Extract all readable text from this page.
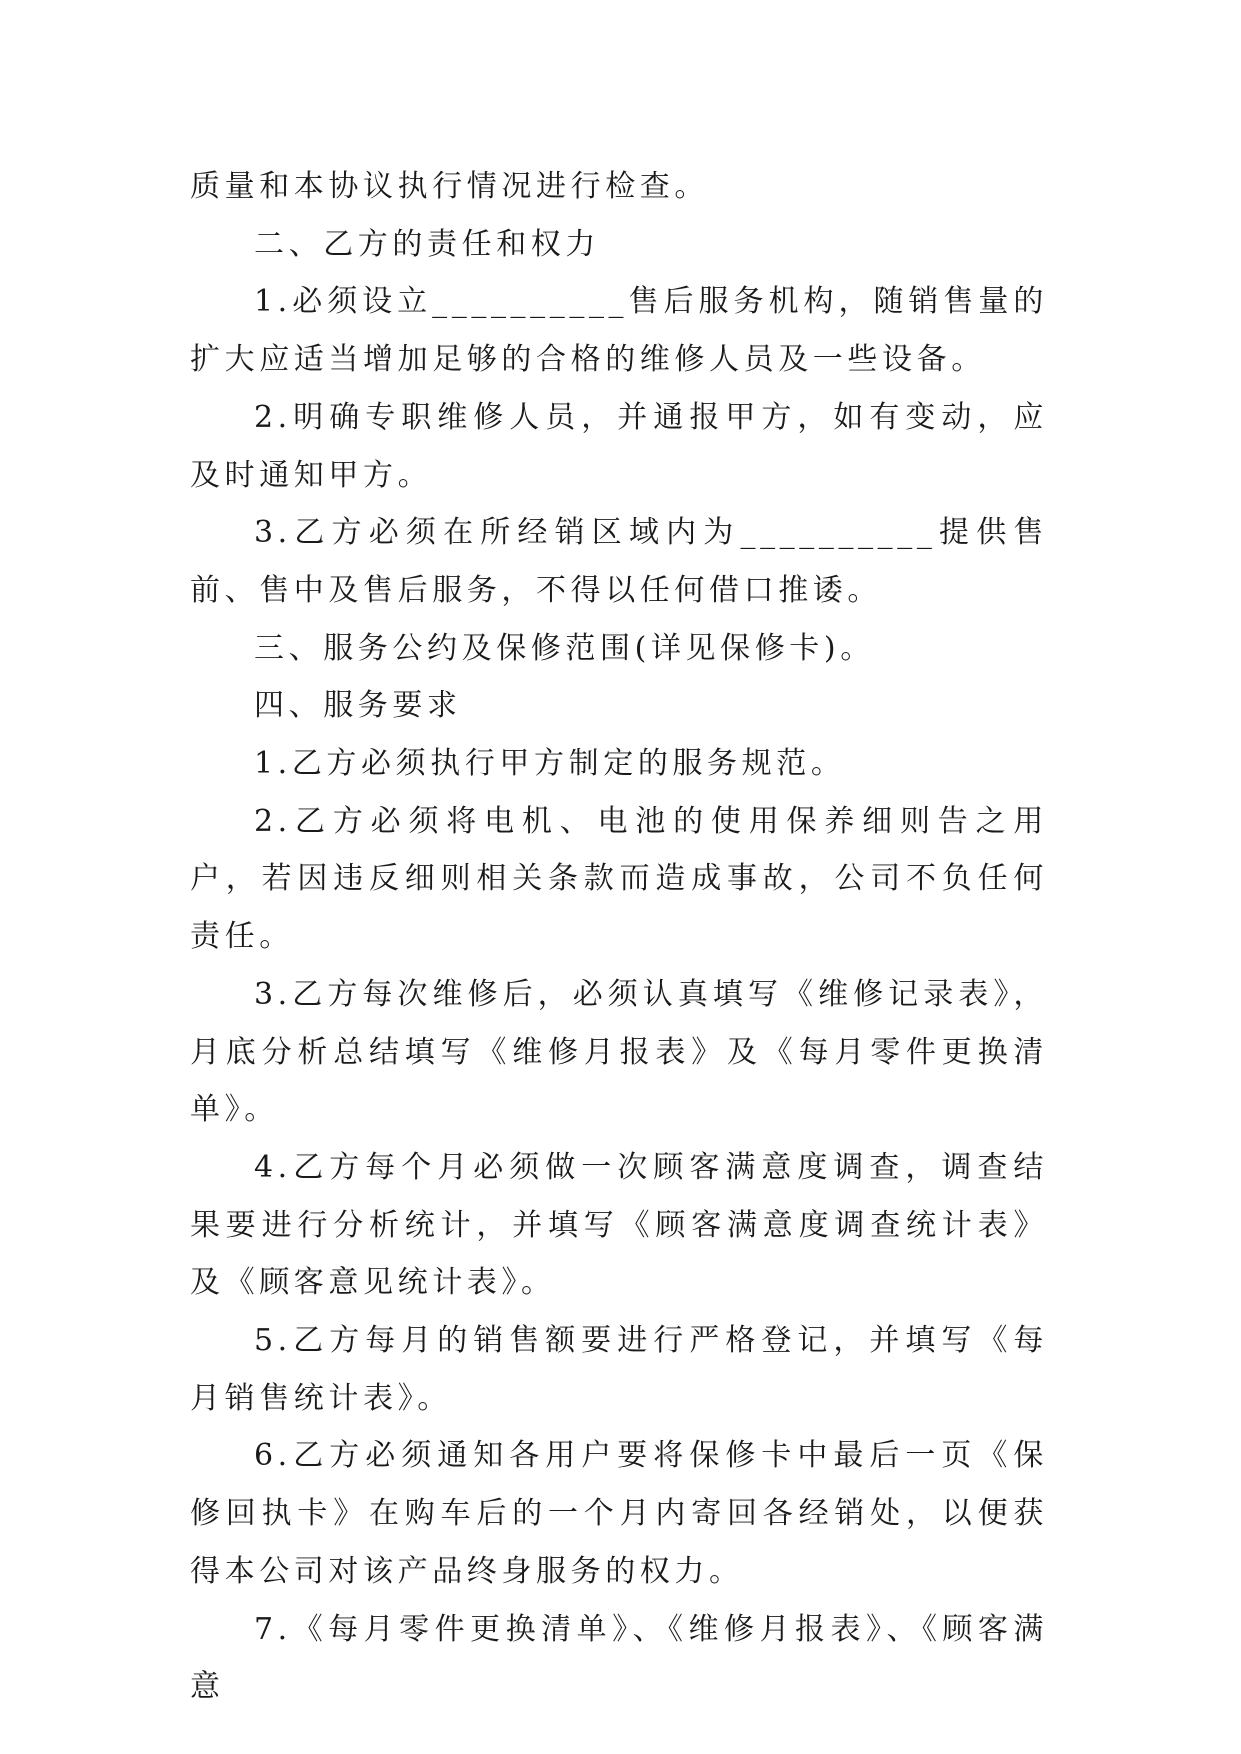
质量和本协议执行情况进行检查。

二、乙方的责任和权力

1.必须设立__________售后服务机构，随销售量的扩大应适当增加足够的合格的维修人员及一些设备。

2.明确专职维修人员，并通报甲方，如有变动，应及时通知甲方。

3.乙方必须在所经销区域内为__________提供售前、售中及售后服务，不得以任何借口推诿。

三、服务公约及保修范围(详见保修卡)。

四、服务要求

1.乙方必须执行甲方制定的服务规范。

2.乙方必须将电机、电池的使用保养细则告之用户，若因违反细则相关条款而造成事故，公司不负任何责任。

3.乙方每次维修后，必须认真填写《维修记录表》，月底分析总结填写《维修月报表》及《每月零件更换清单》。

4.乙方每个月必须做一次顾客满意度调查，调查结果要进行分析统计，并填写《顾客满意度调查统计表》及《顾客意见统计表》。

5.乙方每月的销售额要进行严格登记，并填写《每月销售统计表》。

6.乙方必须通知各用户要将保修卡中最后一页《保修回执卡》在购车后的一个月内寄回各经销处，以便获得本公司对该产品终身服务的权力。

7.《每月零件更换清单》、《维修月报表》、《顾客满意
